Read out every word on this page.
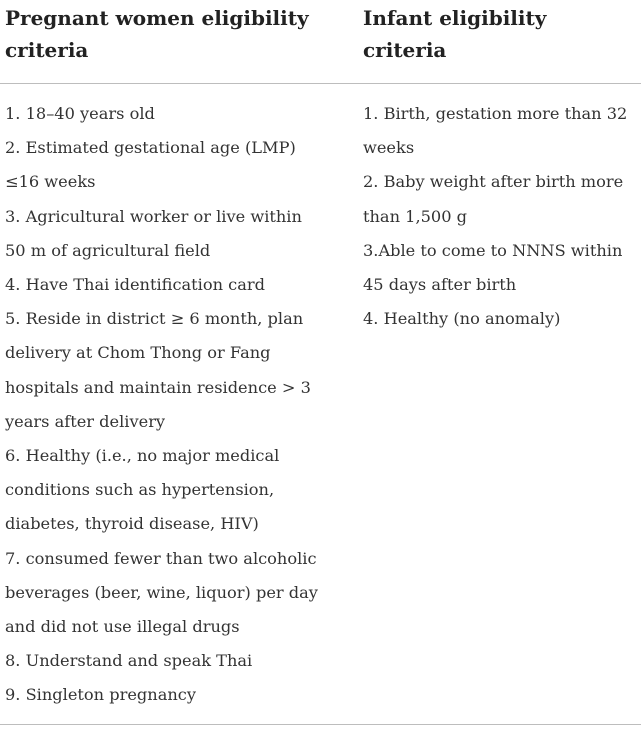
Pregnant women eligibility criteria
Infant eligibility criteria
1. 18–40 years old
2. Estimated gestational age (LMP) ≤16 weeks
3. Agricultural worker or live within 50 m of agricultural field
4. Have Thai identification card
5. Reside in district ≥ 6 month, plan delivery at Chom Thong or Fang hospitals and maintain residence > 3 years after delivery
6. Healthy (i.e., no major medical conditions such as hypertension, diabetes, thyroid disease, HIV)
7. consumed fewer than two alcoholic beverages (beer, wine, liquor) per day and did not use illegal drugs
8. Understand and speak Thai
9. Singleton pregnancy
1. Birth, gestation more than 32 weeks
2. Baby weight after birth more than 1,500 g
3.Able to come to NNNS within 45 days after birth
4. Healthy (no anomaly)
